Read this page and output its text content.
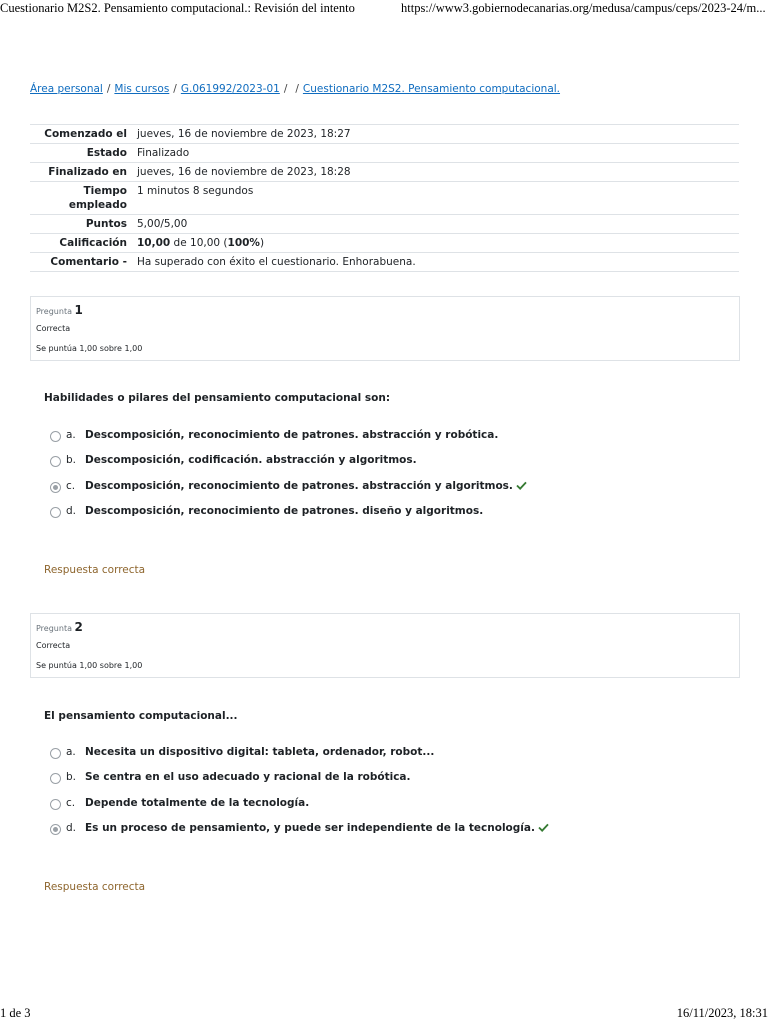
Cuestionario M2S2. Pensamiento computacional.: Revisión del intento	https://www3.gobiernodecanarias.org/medusa/campus/ceps/2023-24/m...
Área personal / Mis cursos / G.061992/2023-01 / / Cuestionario M2S2. Pensamiento computacional.
Comenzado el	jueves, 16 de noviembre de 2023, 18:27
Estado	Finalizado
Finalizado en	jueves, 16 de noviembre de 2023, 18:28
Tiempo empleado	1 minutos 8 segundos
Puntos	5,00/5,00
Calificación	10,00 de 10,00 (100%)
Comentario -	Ha superado con éxito el cuestionario. Enhorabuena.
Pregunta 1
Correcta
Se puntúa 1,00 sobre 1,00
Habilidades o pilares del pensamiento computacional son:
a. Descomposición, reconocimiento de patrones. abstracción y robótica.
b. Descomposición, codificación. abstracción y algoritmos.
c. Descomposición, reconocimiento de patrones. abstracción y algoritmos.
d. Descomposición, reconocimiento de patrones. diseño y algoritmos.
Respuesta correcta
Pregunta 2
Correcta
Se puntúa 1,00 sobre 1,00
El pensamiento computacional...
a. Necesita un dispositivo digital: tableta, ordenador, robot...
b. Se centra en el uso adecuado y racional de la robótica.
c. Depende totalmente de la tecnología.
d. Es un proceso de pensamiento, y puede ser independiente de la tecnología.
Respuesta correcta
1 de 3	16/11/2023, 18:31
